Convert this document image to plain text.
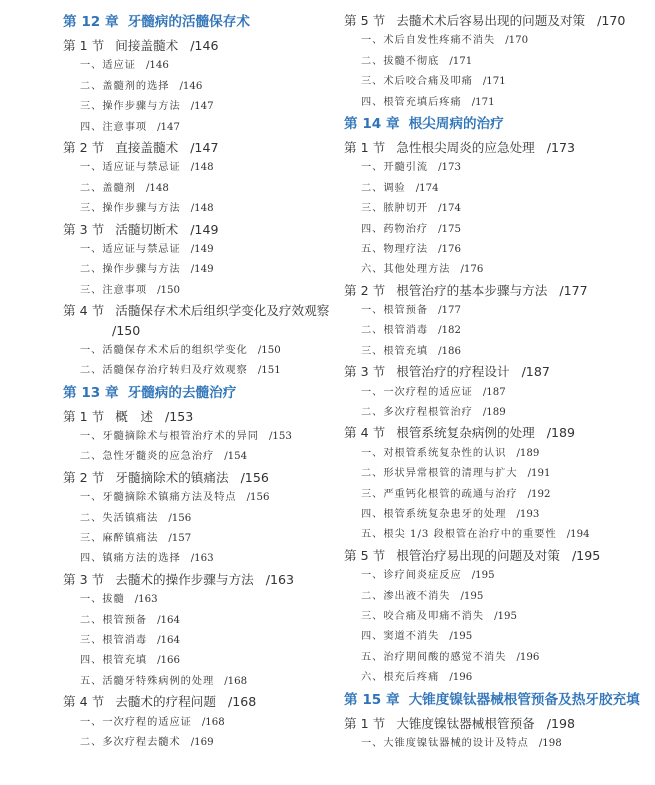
第 12 章 牙髓病的活髓保存术
第 1 节 间接盖髓术 /146
一、适应证 /146
二、盖髓剂的选择 /146
三、操作步骤与方法 /147
四、注意事项 /147
第 2 节 直接盖髓术 /147
一、适应证与禁忌证 /148
二、盖髓剂 /148
三、操作步骤与方法 /148
第 3 节 活髓切断术 /149
一、适应证与禁忌证 /149
二、操作步骤与方法 /149
三、注意事项 /150
第 4 节 活髓保存术术后组织学变化及疗效观察
/150
一、活髓保存术术后的组织学变化 /150
二、活髓保存治疗转归及疗效观察 /151
第 13 章 牙髓病的去髓治疗
第 1 节 概　述 /153
一、牙髓摘除术与根管治疗术的异同 /153
二、急性牙髓炎的应急治疗 /154
第 2 节 牙髓摘除术的镇痛法 /156
一、牙髓摘除术镇痛方法及特点 /156
二、失活镇痛法 /156
三、麻醉镇痛法 /157
四、镇痛方法的选择 /163
第 3 节 去髓术的操作步骤与方法 /163
一、拔髓 /163
二、根管预备 /164
三、根管消毒 /164
四、根管充填 /166
五、活髓牙特殊病例的处理 /168
第 4 节 去髓术的疗程问题 /168
一、一次疗程的适应证 /168
二、多次疗程去髓术 /169
第 5 节 去髓术术后容易出现的问题及对策 /170
一、术后自发性疼痛不消失 /170
二、拔髓不彻底 /171
三、术后咬合痛及叩痛 /171
四、根管充填后疼痛 /171
第 14 章 根尖周病的治疗
第 1 节 急性根尖周炎的应急处理 /173
一、开髓引流 /173
二、调验 /174
三、脓肿切开 /174
四、药物治疗 /175
五、物理疗法 /176
六、其他处理方法 /176
第 2 节 根管治疗的基本步骤与方法 /177
一、根管预备 /177
二、根管消毒 /182
三、根管充填 /186
第 3 节 根管治疗的疗程设计 /187
一、一次疗程的适应证 /187
二、多次疗程根管治疗 /189
第 4 节 根管系统复杂病例的处理 /189
一、对根管系统复杂性的认识 /189
二、形状异常根管的清理与扩大 /191
三、严重钙化根管的疏通与治疗 /192
四、根管系统复杂患牙的处理 /193
五、根尖 1/3 段根管在治疗中的重要性 /194
第 5 节 根管治疗易出现的问题及对策 /195
一、诊疗间炎症反应 /195
二、渗出液不消失 /195
三、咬合痛及叩痛不消失 /195
四、窦道不消失 /195
五、治疗期间酸的感觉不消失 /196
六、根充后疼痛 /196
第 15 章 大锥度镍钛器械根管预备及热牙胶充填
第 1 节 大锥度镍钛器械根管预备 /198
一、大锥度镍钛器械的设计及特点 /198
